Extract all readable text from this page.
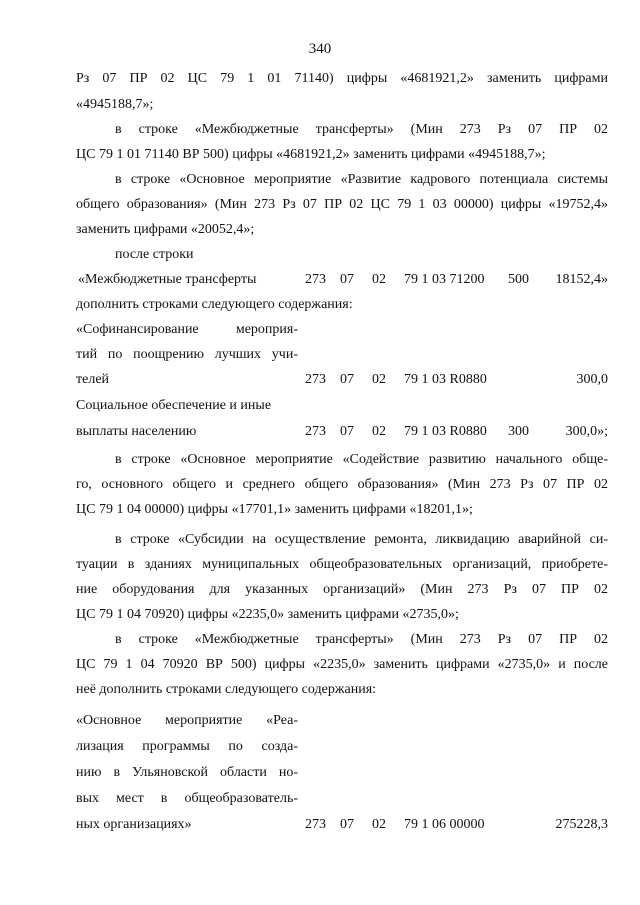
340
Рз 07 ПР 02 ЦС 79 1 01 71140) цифры «4681921,2» заменить цифрами
«4945188,7»;
в строке «Межбюджетные трансферты» (Мин 273 Рз 07 ПР 02
ЦС 79 1 01 71140 ВР 500) цифры «4681921,2» заменить цифрами «4945188,7»;
в строке «Основное мероприятие «Развитие кадрового потенциала системы
общего образования» (Мин 273 Рз 07 ПР 02 ЦС 79 1 03 00000) цифры «19752,4»
заменить цифрами «20052,4»;
после строки
«Межбюджетные трансферты	273 07 02 79 1 03 71200 500 18152,4»
дополнить строками следующего содержания:
«Софинансирование мероприя-
тий по поощрению лучших учи-
телей	273 07 02 79 1 03 R0880	300,0
Социальное обеспечение и иные
выплаты населению	273 07 02 79 1 03 R0880 300	300,0»;
в строке «Основное мероприятие «Содействие развитию начального обще-
го, основного общего и среднего общего образования» (Мин 273 Рз 07 ПР 02
ЦС 79 1 04 00000) цифры «17701,1» заменить цифрами «18201,1»;
в строке «Субсидии на осуществление ремонта, ликвидацию аварийной си-
туации в зданиях муниципальных общеобразовательных организаций, приобрете-
ние оборудования для указанных организаций» (Мин 273 Рз 07 ПР 02
ЦС 79 1 04 70920) цифры «2235,0» заменить цифрами «2735,0»;
в строке «Межбюджетные трансферты» (Мин 273 Рз 07 ПР 02
ЦС 79 1 04 70920 ВР 500) цифры «2235,0» заменить цифрами «2735,0» и после
неё дополнить строками следующего содержания:
«Основное мероприятие «Реа-
лизация программы по созда-
нию в Ульяновской области но-
вых мест в общеобразователь-
ных организациях»	273 07 02 79 1 06 00000	275228,3
